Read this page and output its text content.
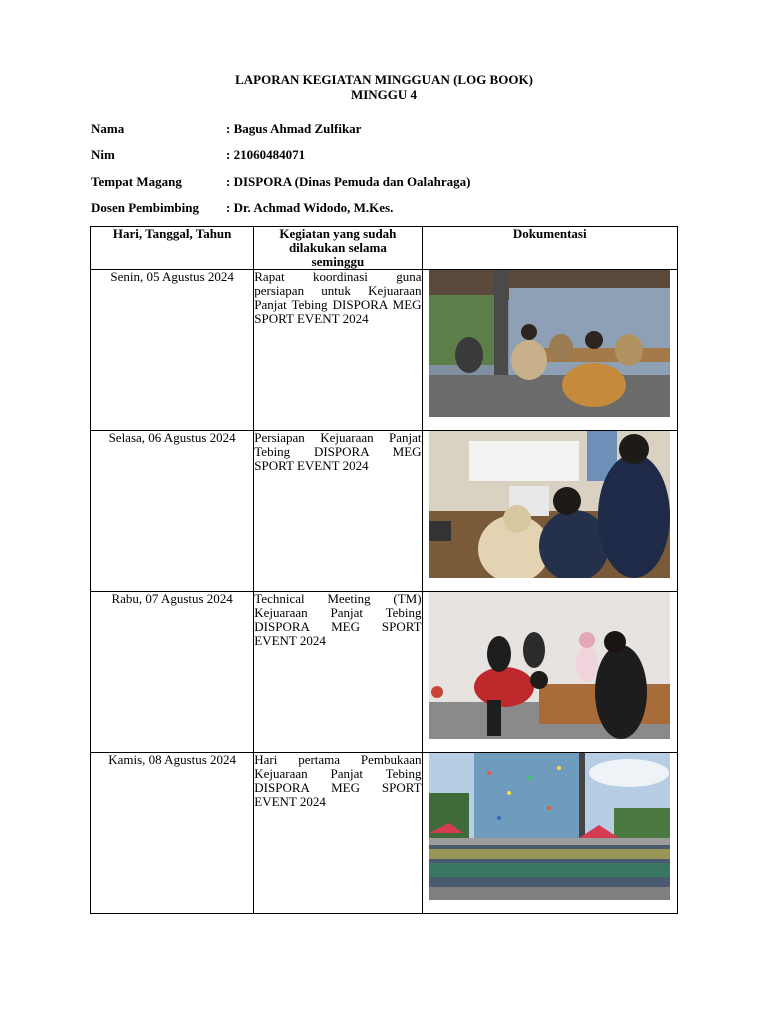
LAPORAN KEGIATAN MINGGUAN (LOG BOOK)
MINGGU 4
Nama	: Bagus Ahmad Zulfikar
Nim	: 21060484071
Tempat Magang	: DISPORA (Dinas Pemuda dan Oalahraga)
Dosen Pembimbing : Dr. Achmad Widodo, M.Kes.
Hari, Tanggal, Tahun	Kegiatan yang sudah dilakukan selama seminggu	Dokumentasi
Senin, 05 Agustus 2024	Rapat koordinasi guna persiapan untuk Kejuaraan Panjat Tebing DISPORA MEG SPORT EVENT 2024	

Selasa, 06 Agustus 2024	Persiapan Kejuaraan Panjat Tebing DISPORA MEG SPORT EVENT 2024	

Rabu, 07 Agustus 2024	Technical Meeting (TM) Kejuaraan Panjat Tebing DISPORA MEG SPORT EVENT 2024	

Kamis, 08 Agustus 2024	Hari pertama Pembukaan Kejuaraan Panjat Tebing DISPORA MEG SPORT EVENT 2024	
